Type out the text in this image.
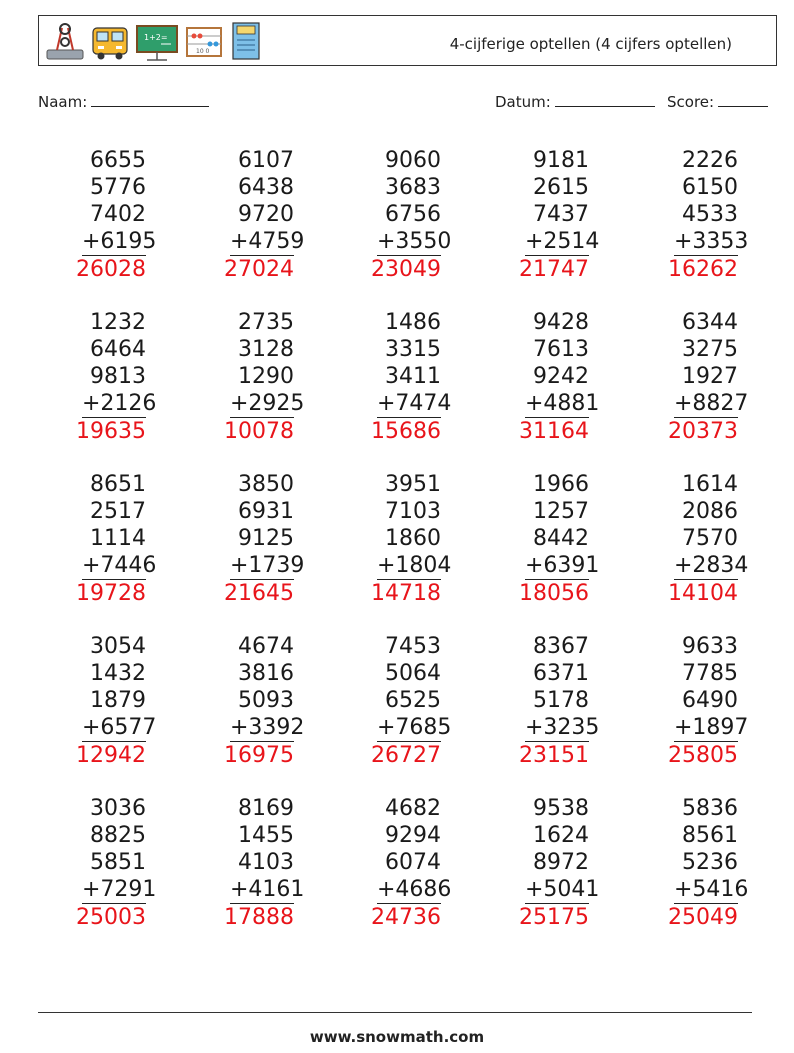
1+2=
10 0	4-cijferige optellen (4 cijfers optellen)
Naam:	Datum:	Score:
6655
5776
7402
+6195
26028
6107
6438
9720
+4759
27024
9060
3683
6756
+3550
23049
9181
2615
7437
+2514
21747
2226
6150
4533
+3353
16262
1232
6464
9813
+2126
19635
2735
3128
1290
+2925
10078
1486
3315
3411
+7474
15686
9428
7613
9242
+4881
31164
6344
3275
1927
+8827
20373
8651
2517
1114
+7446
19728
3850
6931
9125
+1739
21645
3951
7103
1860
+1804
14718
1966
1257
8442
+6391
18056
1614
2086
7570
+2834
14104
3054
1432
1879
+6577
12942
4674
3816
5093
+3392
16975
7453
5064
6525
+7685
26727
8367
6371
5178
+3235
23151
9633
7785
6490
+1897
25805
3036
8825
5851
+7291
25003
8169
1455
4103
+4161
17888
4682
9294
6074
+4686
24736
9538
1624
8972
+5041
25175
5836
8561
5236
+5416
25049
www.snowmath.com
